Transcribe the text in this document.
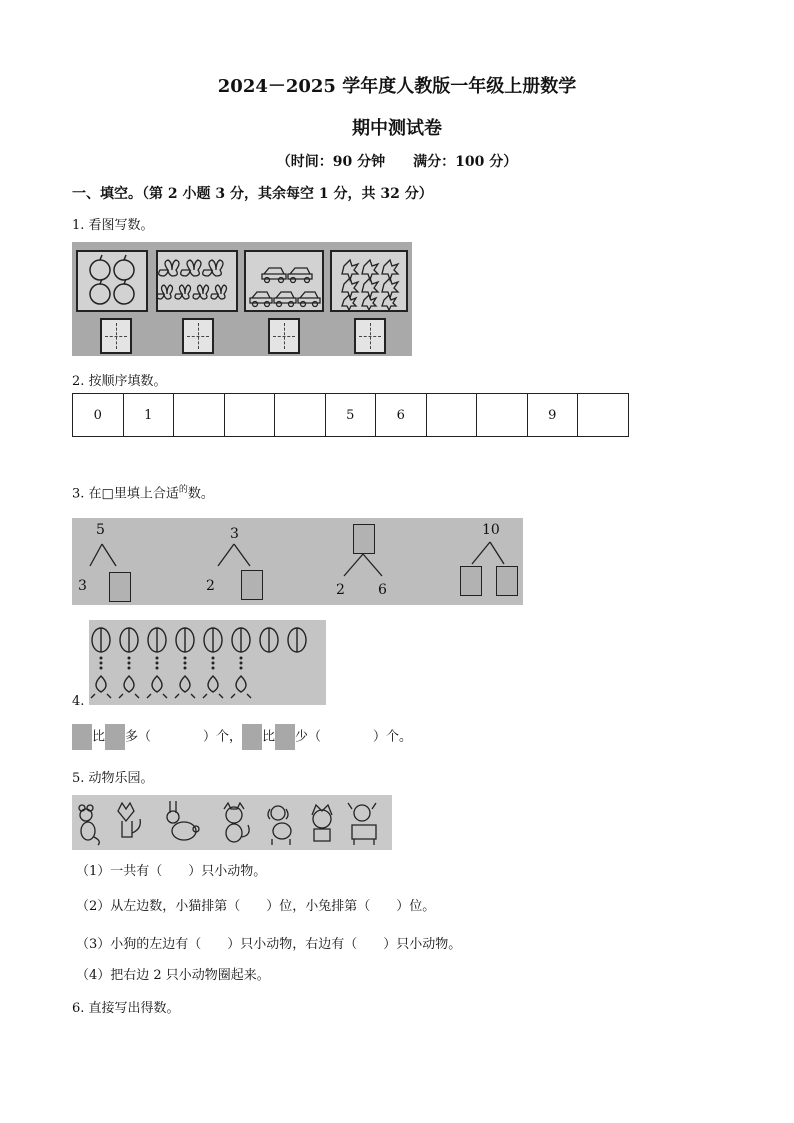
2024－2025 学年度人教版一年级上册数学
期中测试卷
（时间：90 分钟　　满分：100 分）
一、填空。（第 2 小题 3 分，其余每空 1 分，共 32 分）
1. 看图写数。
2. 按顺序填数。
0	1				5	6			9	
3. 在□里填上合适$^的$数。
5
3
3
2	2 6
10
4.
比 多（　　　　）个， 比 少（　　　　）个。
5. 动物乐园。
（1）一共有（　　）只小动物。
（2）从左边数，小猫排第（　　）位，小兔排第（　　）位。
（3）小狗的左边有（　　）只小动物，右边有（　　）只小动物。
（4）把右边 2 只小动物圈起来。
6. 直接写出得数。
